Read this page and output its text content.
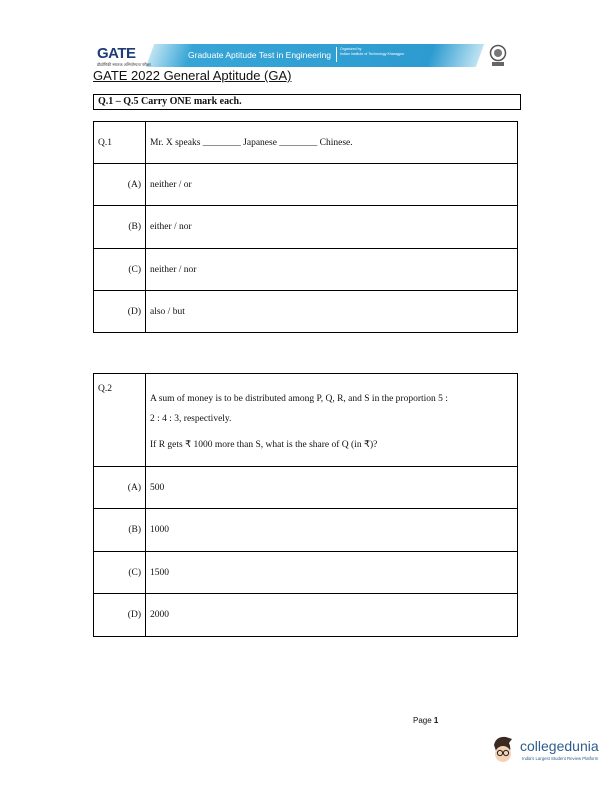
GATE
प्रौद्योगिकी स्नातक अभियोग्यता परीक्षा
Graduate Aptitude Test in Engineering
Organized by
Indian Institute of Technology Kharagpur
GATE 2022 General Aptitude (GA)
Q.1 – Q.5 Carry ONE mark each.
Q.1	Mr. X speaks ________ Japanese ________ Chinese.

(A)	neither / or
(B)	either / nor
(C)	neither / nor
(D)	also / but
Q.2	A sum of money is to be distributed among P, Q, R, and S in the proportion 5 : 2 : 4 : 3, respectively.

If R gets ₹ 1000 more than S, what is the share of Q (in ₹)?

(A)	500
(B)	1000
(C)	1500
(D)	2000
Page 1
collegedunia
India's Largest Student Review Platform
